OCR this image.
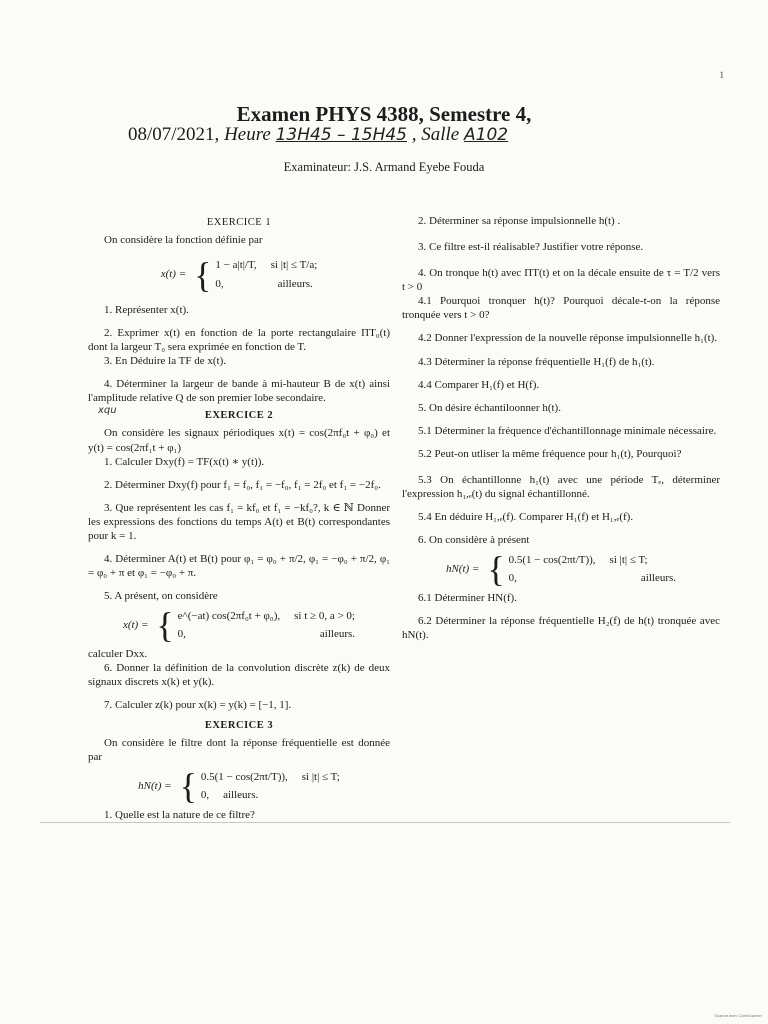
Examen PHYS 4388, Semestre 4,
08/07/2021, Heure 13H45 – 15H45 , Salle A102
Examinateur: J.S. Armand Eyebe Fouda
EXERCICE 1

On considère la fonction définie par

x(t) = { 1 − a|t|/T, si |t| ≤ T/a;
0,	ailleurs.

1. Représenter x(t).

2. Exprimer x(t) en fonction de la porte rectangulaire ΠT₀(t) dont la largeur T₀ sera exprimée en fonction de T.

3. En Déduire la TF de x(t).

4. Déterminer la largeur de bande à mi-hauteur B de x(t) ainsi l'amplitude relative Q de son premier lobe secondaire.

EXERCICE 2

On considère les signaux périodiques x(t) = cos(2πf₀t + φ₀) et y(t) = cos(2πf₁t + φ₁)

1. Calculer Dxy(f) = TF(x(t) ∗ y(t)).

2. Déterminer Dxy(f) pour f₁ = f₀, f₁ = −f₀, f₁ = 2f₀ et f₁ = −2f₀.

3. Que représentent les cas f₁ = kf₀ et f₁ = −kf₀?, k ∈ ℕ Donner les expressions des fonctions du temps A(t) et B(t) correspondantes pour k = 1.

4. Déterminer A(t) et B(t) pour φ₁ = φ₀ + π/2, φ₁ = −φ₀ + π/2, φ₁ = φ₀ + π et φ₁ = −φ₀ + π.

5. A présent, on considère

x(t) = { e^(−at) cos(2πf₀t + φ₀), si t ≥ 0, a > 0;
0,	ailleurs.

calculer Dxx.

6. Donner la définition de la convolution discrète z(k) de deux signaux discrets x(k) et y(k).

7. Calculer z(k) pour x(k) = y(k) = [−1, 1].

EXERCICE 3

On considère le filtre dont la réponse fréquentielle est donnée par

hN(t) = { 0.5(1 − cos(2πt/T)), si |t| ≤ T;
0, ailleurs.

1. Quelle est la nature de ce filtre?

2. Déterminer sa réponse impulsionnelle h(t) .

3. Ce filtre est-il réalisable? Justifier votre réponse.

4. On tronque h(t) avec ΠT(t) et on la décale ensuite de τ = T/2 vers t > 0

4.1 Pourquoi tronquer h(t)? Pourquoi décale-t-on la réponse tronquée vers t > 0?

4.2 Donner l'expression de la nouvelle réponse impulsionnelle h₁(t).

4.3 Déterminer la réponse fréquentielle H₁(f) de h₁(t).

4.4 Comparer H₁(f) et H(f).

5. On désire échantiloonner h(t).

5.1 Déterminer la fréquence d'échantillonnage minimale nécessaire.

5.2 Peut-on utliser la même fréquence pour h₁(t), Pourquoi?

5.3 On échantillonne h₁(t) avec une période Tₑ, déterminer l'expression h₁,ₑ(t) du signal échantillonné.

5.4 En déduire H₁,ₑ(f). Comparer H₁(f) et H₁,ₑ(f).

6. On considère à présent

hN(t) = { 0.5(1 − cos(2πt/T)), si |t| ≤ T;
0,	ailleurs.

6.1 Déterminer HN(f).

6.2 Déterminer la réponse fréquentielle H₂(f) de h(t) tronquée avec hN(t).

xqu
1
Scanné avec CamScanner
